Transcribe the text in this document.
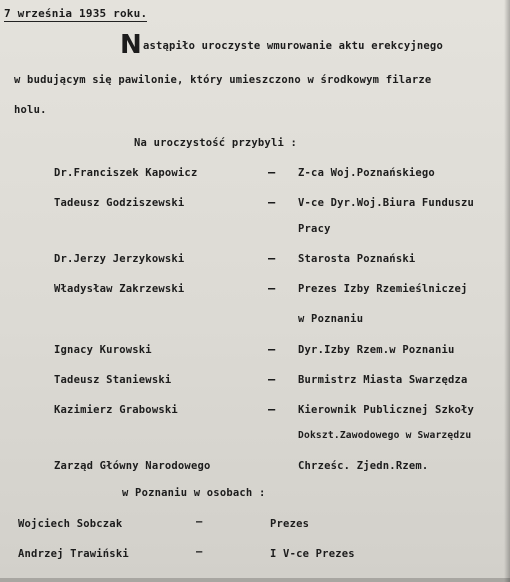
7 września 1935 roku.
Nastąpiło uroczyste wmurowanie aktu erekcyjnego
w budującym się pawilonie, który umieszczono w środkowym filarze
holu.
Na uroczystość przybyli :
Dr.Franciszek Kapowicz	– Z-ca Woj.Poznańskiego
Tadeusz Godziszewski	– V-ce Dyr.Woj.Biura Funduszu
Pracy
Dr.Jerzy Jerzykowski	– Starosta Poznański
Władysław Zakrzewski	– Prezes Izby Rzemieślniczej
w Poznaniu
Ignacy Kurowski	– Dyr.Izby Rzem.w Poznaniu
Tadeusz Staniewski	– Burmistrz Miasta Swarzędza
Kazimierz Grabowski	– Kierownik Publicznej Szkoły
Dokszt.Zawodowego w Swarzędzu
Zarząd Główny Narodowego	Chrześc. Zjedn.Rzem.
w Poznaniu w osobach :
Wojciech Sobczak	–	Prezes
Andrzej Trawiński	–	I V-ce Prezes
